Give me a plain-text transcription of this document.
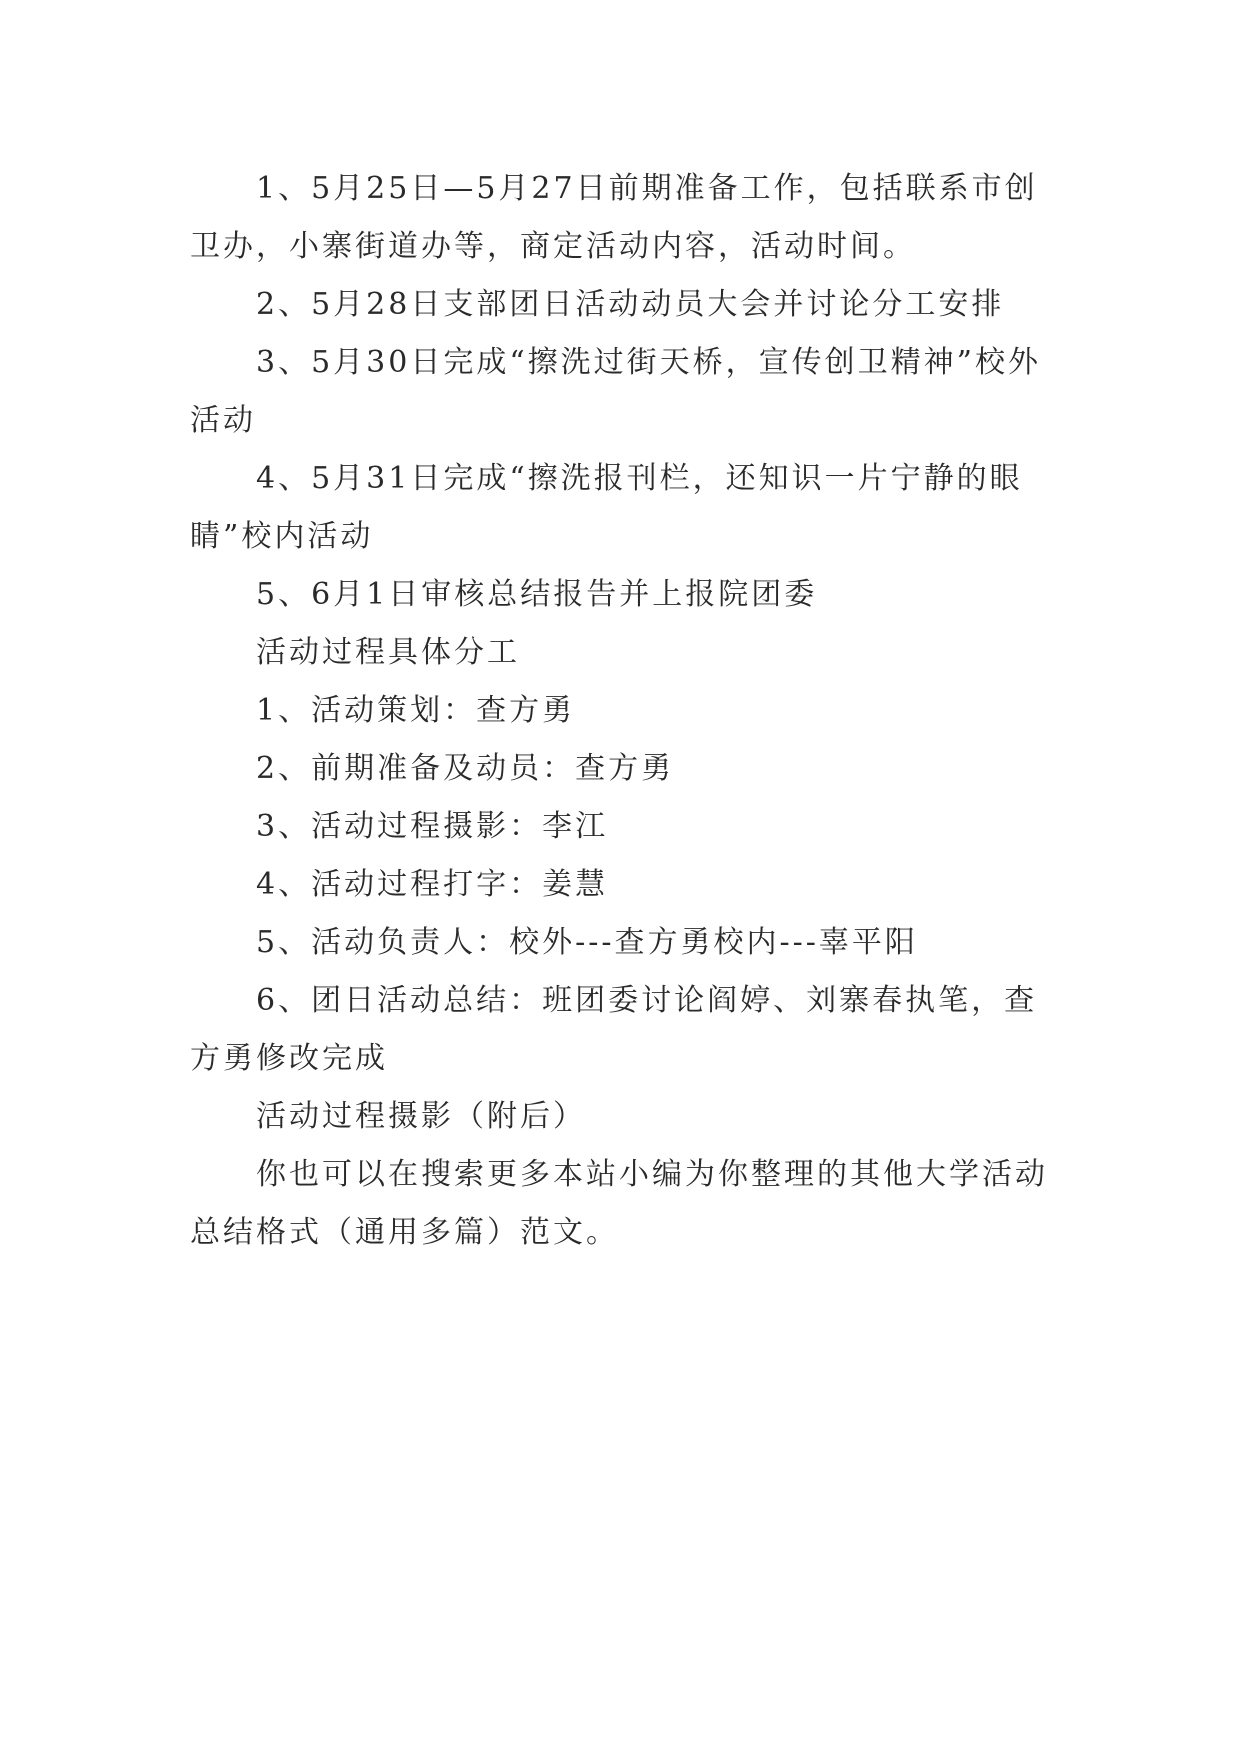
1、5月25日—5月27日前期准备工作，包括联系市创卫办，小寨街道办等，商定活动内容，活动时间。

2、5月28日支部团日活动动员大会并讨论分工安排

3、5月30日完成“擦洗过街天桥，宣传创卫精神”校外活动

4、5月31日完成“擦洗报刊栏，还知识一片宁静的眼睛”校内活动

5、6月1日审核总结报告并上报院团委

活动过程具体分工

1、活动策划：查方勇

2、前期准备及动员：查方勇

3、活动过程摄影：李江

4、活动过程打字：姜慧

5、活动负责人：校外---查方勇校内---辜平阳

6、团日活动总结：班团委讨论阎婷、刘寨春执笔，查方勇修改完成

活动过程摄影（附后）

你也可以在搜索更多本站小编为你整理的其他大学活动总结格式（通用多篇）范文。
